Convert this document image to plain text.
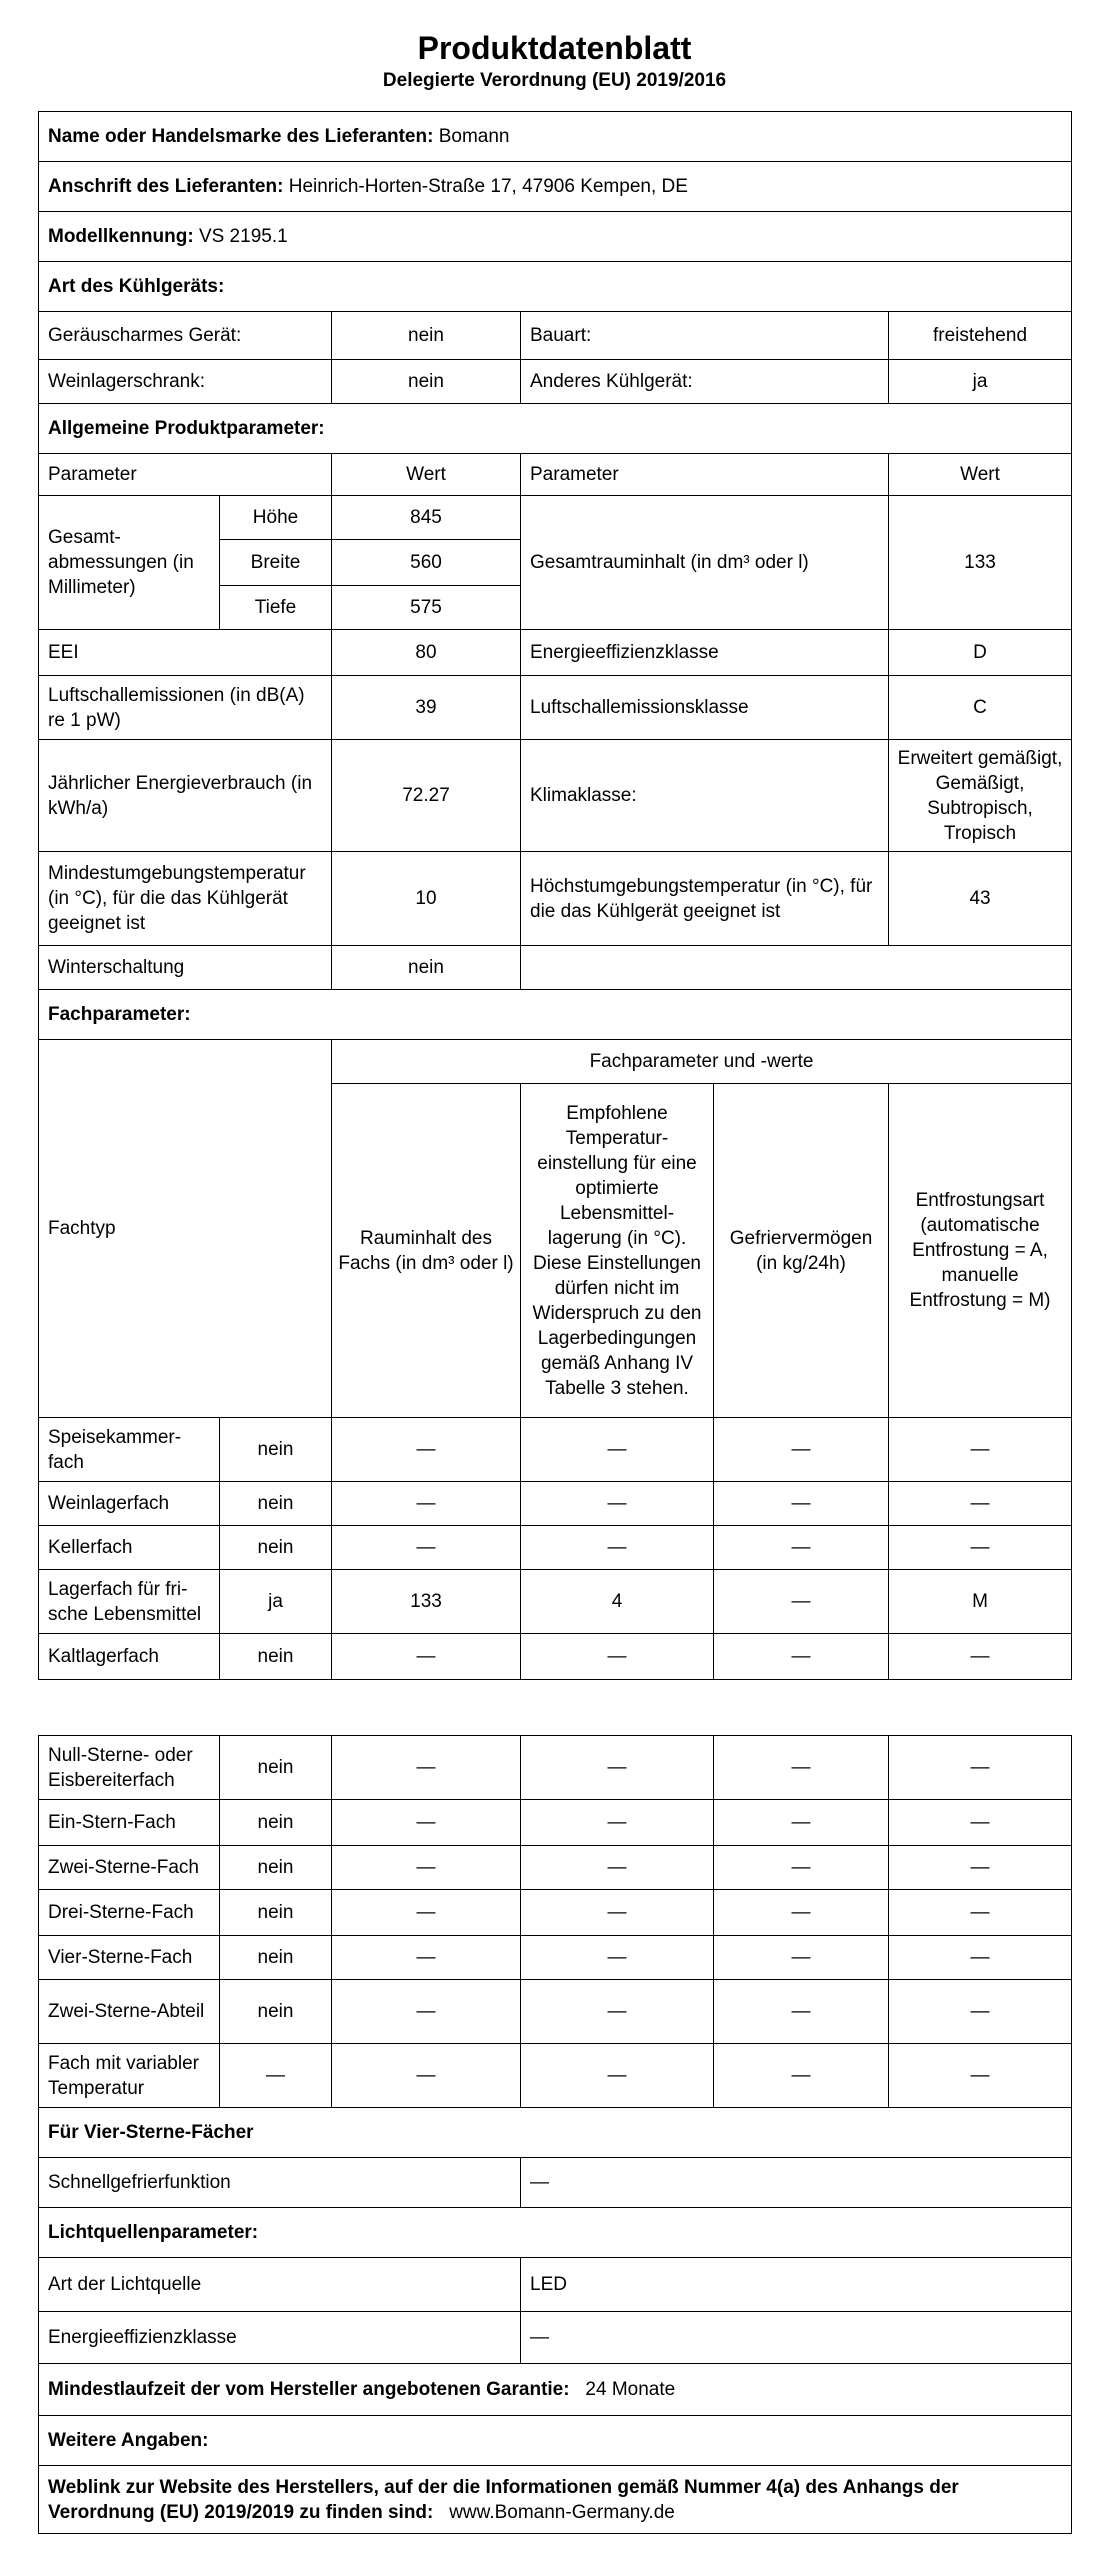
Produktdatenblatt
Delegierte Verordnung (EU) 2019/2016
Name oder Handelsmarke des Lieferanten: Bomann					
Anschrift des Lieferanten: Heinrich-Horten-Straße 17, 47906 Kempen, DE					
Modellkennung: VS 2195.1					
Art des Kühlgeräts:					
Geräuscharmes Gerät:		nein	Bauart:		freistehend
Weinlagerschrank:		nein	Anderes Kühlgerät:		ja
Allgemeine Produktparameter:					
Parameter		Wert	Parameter		Wert
Gesamt-abmessungen (in Millimeter)	Höhe	845	Gesamtrauminhalt (in dm³ oder l)		133
	Breite	560			
	Tiefe	575			
EEI		80	Energieeffizienzklasse		D
Luftschallemissionen (in dB(A) re 1 pW)		39	Luftschallemissionsklasse		C
Jährlicher Energieverbrauch (in kWh/a)		72.27	Klimaklasse:		Erweitert gemäßigt, Gemäßigt, Subtropisch, Tropisch
Mindestumgebungstemperatur (in °C), für die das Kühlgerät geeignet ist		10	Höchstumgebungstemperatur (in °C), für die das Kühlgerät geeignet ist		43
Winterschaltung		nein			
Fachparameter:					
Fachtyp		Fachparameter und -werte			
		Rauminhalt des Fachs (in dm³ oder l)	Empfohlene Temperatur-einstellung für eine optimierte Lebensmittel-lagerung (in °C). Diese Einstellungen dürfen nicht im Widerspruch zu den Lagerbedingungen gemäß Anhang IV Tabelle 3 stehen.	Gefriervermögen (in kg/24h)	Entfrostungsart (automatische Entfrostung = A, manuelle Entfrostung = M)
Speisekammer-fach	nein	—	—	—	—
Weinlagerfach	nein	—	—	—	—
Kellerfach	nein	—	—	—	—
Lagerfach für fri-sche Lebensmittel	ja	133	4	—	M
Kaltlagerfach	nein	—	—	—	—
Null-Sterne- oder Eisbereiterfach	nein	—	—	—	—
Ein-Stern-Fach	nein	—	—	—	—
Zwei-Sterne-Fach	nein	—	—	—	—
Drei-Sterne-Fach	nein	—	—	—	—
Vier-Sterne-Fach	nein	—	—	—	—
Zwei-Sterne-Abteil	nein	—	—	—	—
Fach mit variabler Temperatur	—	—	—	—	—
Für Vier-Sterne-Fächer					
Schnellgefrierfunktion			—		
Lichtquellenparameter:					
Art der Lichtquelle			LED		
Energieeffizienzklasse			—		
Mindestlaufzeit der vom Hersteller angebotenen Garantie: 24 Monate					
Weitere Angaben:					
Weblink zur Website des Herstellers, auf der die Informationen gemäß Nummer 4(a) des Anhangs der Verordnung (EU) 2019/2019 zu finden sind: www.Bomann-Germany.de					
